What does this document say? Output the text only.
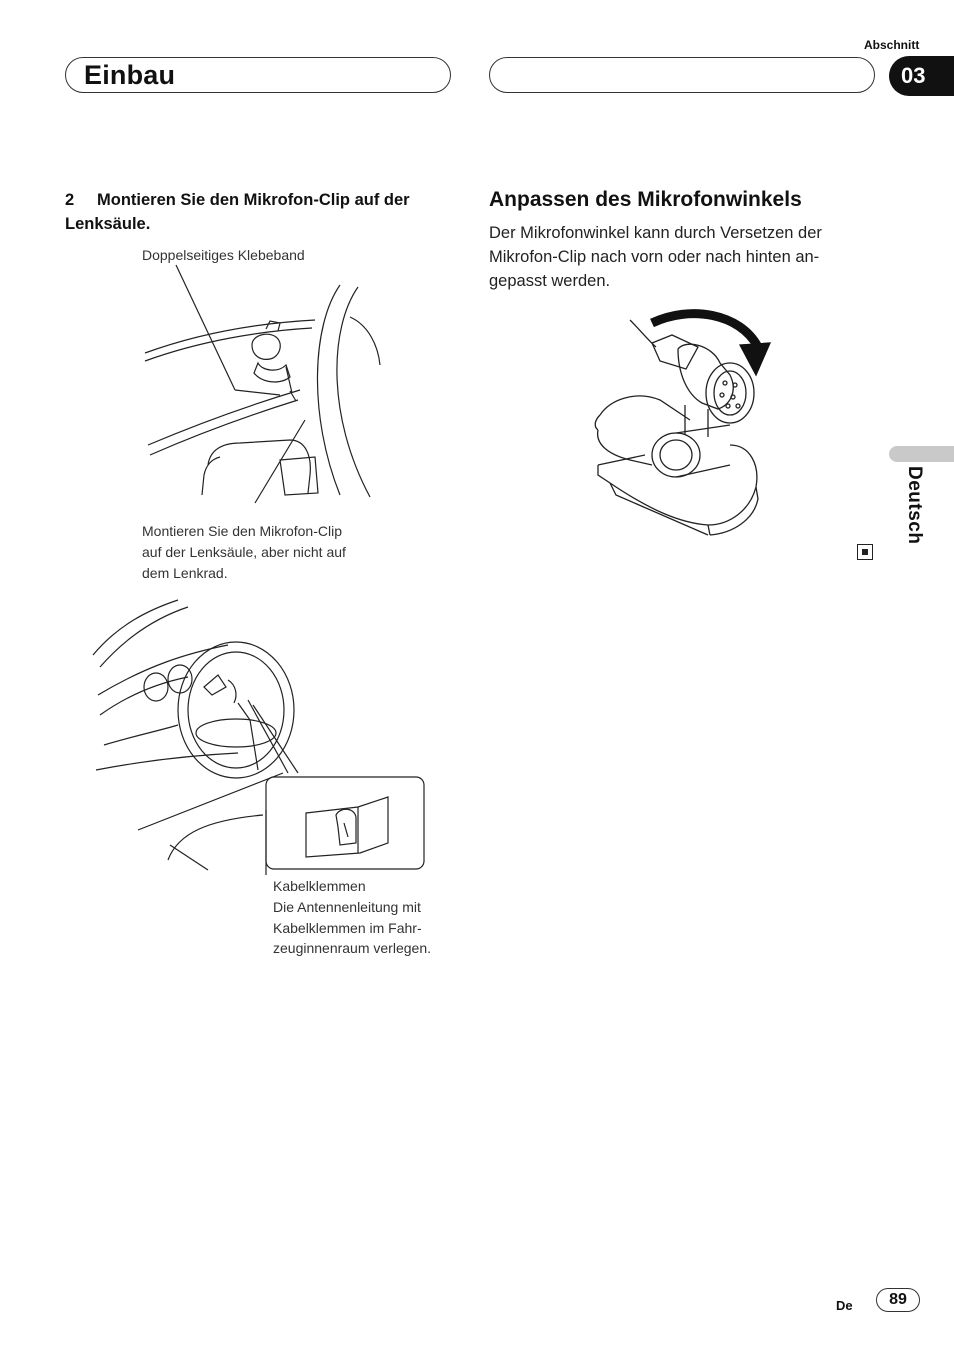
Einbau
Abschnitt
03
2 Montieren Sie den Mikrofon-Clip auf der Lenksäule.
Doppelseitiges Klebeband
Montieren Sie den Mikrofon-Clip
auf der Lenksäule, aber nicht auf
dem Lenkrad.
Kabelklemmen
Die Antennenleitung mit
Kabelklemmen im Fahr-
zeuginnenraum verlegen.
Anpassen des Mikrofonwinkels
Der Mikrofonwinkel kann durch Versetzen der
Mikrofon-Clip nach vorn oder nach hinten an-
gepasst werden.
Deutsch
De	89
